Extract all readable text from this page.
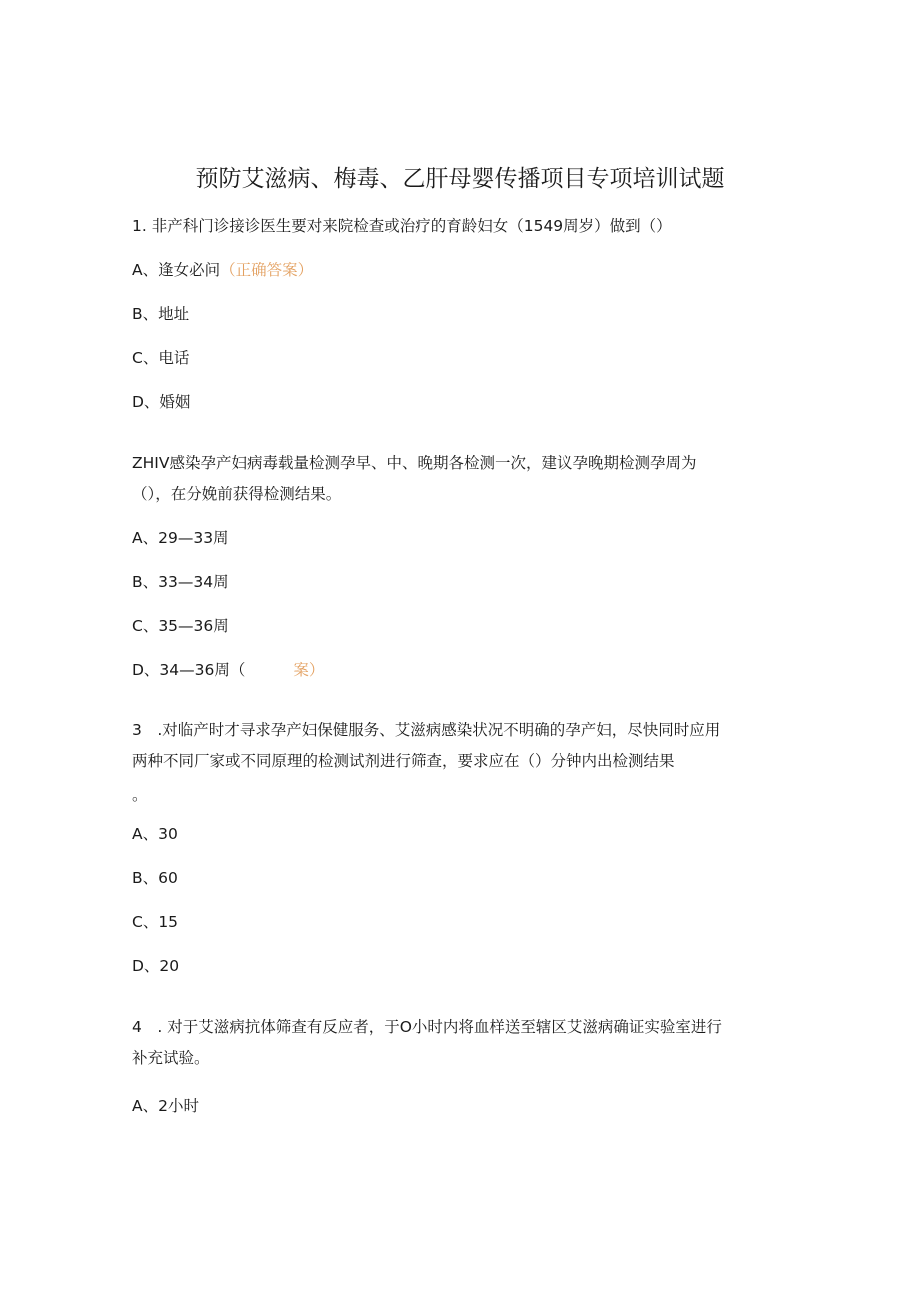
预防艾滋病、梅毒、乙肝母婴传播项目专项培训试题
1. 非产科门诊接诊医生要对来院检查或治疗的育龄妇女（1549周岁）做到（）
A、逢女必问（正确答案）
B、地址
C、电话
D、婚姻
ZHIV感染孕产妇病毒载量检测孕早、中、晚期各检测一次，建议孕晚期检测孕周为
（），在分娩前获得检测结果。
A、29—33周
B、33—34周
C、35—36周
D、34—36周（	案）
3　.对临产时才寻求孕产妇保健服务、艾滋病感染状况不明确的孕产妇，尽快同时应用
两种不同厂家或不同原理的检测试剂进行筛查，要求应在（）分钟内出检测结果
。
A、30
B、60
C、15
D、20
4　. 对于艾滋病抗体筛查有反应者，于O小时内将血样送至辖区艾滋病确证实验室进行
补充试验。
A、2小时
